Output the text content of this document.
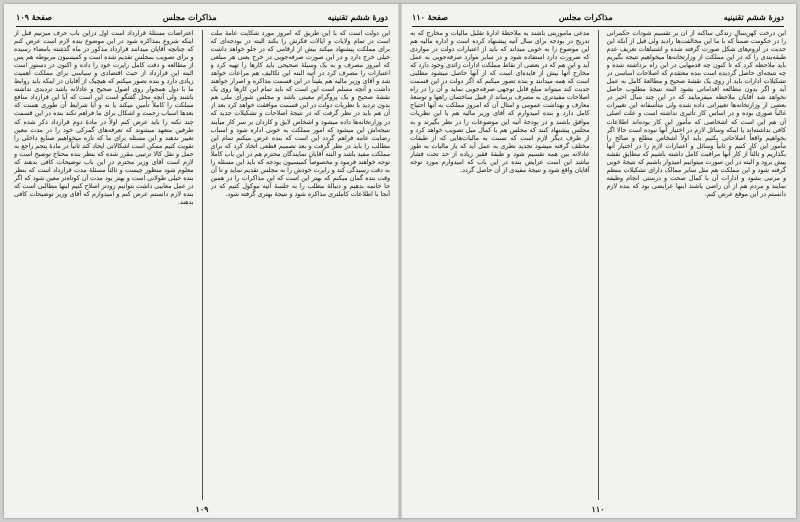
دورهٔ ششم تقنینیه
مذاکرات مجلس
صفحهٔ ۱۰۹

این دولت است که با این طریق که امروز مورد شکایت عامهٔ ملت است در تمام ولایات و ایالات فکرش را بکند البته در بودجه‌ای که برای مملکت پیشنهاد میکند بیش از ارقامی که در جلو خواهد داشت خیلی خرج دارد و در این صورت صرفه‌جویی در خرج یعنی هر مبلغی که امروز مصرف و به یک وسیلهٔ صحیحی باید کارها را تهیه کرد و اعتبارات را مصرف کرد در آتیه البته این تکالیف هم مراعات خواهد شد و آقای وزیر مالیه هم یقیناً در این قسمت مذاکره و اصرار خواهند داشت و آنچه مسلم است این است که باید تمام این کارها روی یک نقشهٔ صحیح و یک پروگرام معینی باشد و مجلس شورای ملی هم بدون تردید با نظریات دولت در این قسمت موافقت خواهد کرد بعد از آن هم باید در نظر گرفت که در نتیجهٔ اصلاحات و تشکیلات جدید که در وزارتخانه‌ها داده میشود و اشخاص لایق و کاردان بر سر کار میآیند نتیجه‌اش این میشود که امور مملکت به خوبی اداره شود و اسباب رضایت عامه فراهم گردد این است که بنده عرض میکنم تمام این مطالب را باید در نظر گرفت و بعد تصمیم قطعی اتخاذ کرد که برای مملکت مفید باشد و البته آقایان نمایندگان محترم هم در این باب کاملاً توجه خواهند فرمود و مخصوصاً کمیسیون بودجه که باید این مسئله را به دقت رسیدگی کند و راپرت خودش را به مجلس تقدیم نماید و تا آن وقت بنده گمان میکنم که بهتر این است که این مذاکرات را در همین جا خاتمه بدهیم و دنبالهٔ مطلب را به جلسهٔ آتیه موکول کنیم که در آنجا با اطلاعات کاملتری مذاکره شود و نتیجهٔ بهتری گرفته شود.

اعتراضات مسئلهٔ قرارداد است اول دراین باب حرف میزنیم قبل از اینکه شروع بمذاکره شود در این موضوع بنده لازم است عرض کنم که چنانچه آقایان میدانند قرارداد مذکور در ماه گذشته بامضاء رسیده و برای تصویب بمجلس تقدیم شده است و کمیسیون مربوطه هم پس از مطالعه و دقت کامل راپرت خود را داده و اکنون در دستور است البته این قرارداد از حیث اقتصادی و سیاسی برای مملکت اهمیت زیادی دارد و بنده تصور میکنم که هیچیک از آقایان در اینکه باید روابط ما با دول همجوار روی اصول صحیح و عادلانه باشد تردیدی نداشته باشند ولی آنچه محل گفتگو است این است که آیا این قرارداد منافع مملکت را کاملاً تأمین میکند یا نه و آیا شرایط آن طوری هست که بعدها اسباب زحمت و اشکال برای ما فراهم نکند بنده در این قسمت چند نکته را باید عرض کنم اولاً در مادهٔ دوم قرارداد ذکر شده که طرفین متعهد میشوند که تعرفه‌های گمرکی خود را در مدت معین تغییر ندهند و این مسئله برای ما که تازه میخواهیم صنایع داخلی را تقویت کنیم ممکن است اشکالاتی ایجاد کند ثانیاً در مادهٔ پنجم راجع به حمل و نقل کالا ترتیبی مقرر شده که بنظر بنده محتاج توضیح است و لازم است آقای وزیر محترم در این باب توضیحات کافی بدهند که معلوم شود منظور چیست و ثالثاً مسئلهٔ مدت قرارداد است که بنظر بنده خیلی طولانی است و بهتر بود مدت آن کوتاه‌تر معین شود که اگر در عمل معایبی داشت بتوانیم زودتر اصلاح کنیم اینها مطالبی است که بنده لازم دانستم عرض کنم و امیدوارم که آقای وزیر توضیحات کافی بدهند.

۱۰۹
دورهٔ ششم تقنینیه
مذاکرات مجلس
صفحهٔ ۱۱۰

این درخت کهن‌سال زندگی ساکنه از آن بر تقسیم شودات حکمرانی را در حکومت ضمناً که با ما این مخالفت‌ها رادید ولی قبل از آنکه این جدیت در لزوم‌های شکل صورت گرفته شده و اشتباهات تعریف عدم طبقه‌بندی را که در این مملکت از وزارتخانه‌ها میخواهیم نتیجه بگیریم باید ملاحظه کرد که تا کنون چه قدمهایی در این راه برداشته شده و چه نتیجه‌ای حاصل گردیده است بنده معتقدم که اصلاحات اساسی در تشکیلات ادارات باید از روی یک نقشهٔ صحیح و مطالعهٔ کامل به عمل آید و اگر بدون مطالعه اقداماتی بشود البته نتیجهٔ مطلوب حاصل نخواهد شد آقایان ملاحظه میفرمایند که در این چند سال اخیر در بعضی از وزارتخانه‌ها تغییراتی داده شده ولی متأسفانه این تغییرات غالباً صوری بوده و در اساس کار تأثیری نداشته است و علت اصلی آن هم این است که اشخاصی که مأمور این کار بوده‌اند اطلاعات کافی نداشته‌اند یا اینکه وسائل لازم در اختیار آنها نبوده است حالا اگر بخواهیم واقعاً اصلاحاتی بکنیم باید اولاً اشخاص مطلع و صالح را مأمور این کار کنیم و ثانیاً وسائل و اعتبارات لازم را در اختیار آنها بگذاریم و ثالثاً از کار آنها مراقبت کامل داشته باشیم که مطابق نقشه پیش برود و البته در این صورت میتوانیم امیدوار باشیم که نتیجهٔ خوبی گرفته شود و این مملکت هم مثل سایر ممالک دارای تشکیلات منظم و مرتبی بشود و ادارات آن با کمال صحت و درستی انجام وظیفه نمایند و مردم هم از آن راضی باشند اینها عرایضی بود که بنده لازم دانستم در این موقع عرض کنم.

مدعی مأموریتی باشند به ملاحظهٔ ادارهٔ تقلیل مالیات و مخارج که به تدریج در بودجه برای سال آتیه پیشنهاد کرده است و اداره مالیه هم این موضوع را به خوبی میداند که باید از اعتبارات دولت در مواردی که ضرورت دارد استفاده شود و در سایر موارد صرفه‌جویی به عمل آید و این هم که در بعضی از نقاط مملکت ادارات زائدی وجود دارد که مخارج آنها بیش از فایده‌ای است که از آنها حاصل میشود مطلبی است که همه میدانند و بنده تصور میکنم که اگر دولت در این قسمت جدیت کند میتواند مبلغ قابل توجهی صرفه‌جویی نماید و آن را در راه اصلاحات مفیدتری به مصرف برساند از قبیل ساختمان راهها و توسعهٔ معارف و بهداشت عمومی و امثال آن که امروز مملکت به آنها احتیاج کامل دارد و بنده امیدوارم که آقای وزیر مالیه هم با این نظریات موافق باشند و در بودجهٔ آتیه این موضوعات را در نظر بگیرند و به مجلس پیشنهاد کنند که مجلس هم با کمال میل تصویب خواهد کرد و از طرف دیگر لازم است که نسبت به مالیات‌هایی که از طبقات مختلف گرفته میشود تجدید نظری به عمل آید که بار مالیات به طور عادلانه بین همه تقسیم شود و طبقهٔ فقیر زیاده از حد تحت فشار نباشد این است عرایض بنده در این باب که امیدوارم مورد توجه آقایان واقع شود و نتیجهٔ مفیدی از آن حاصل گردد.

۱۱۰
